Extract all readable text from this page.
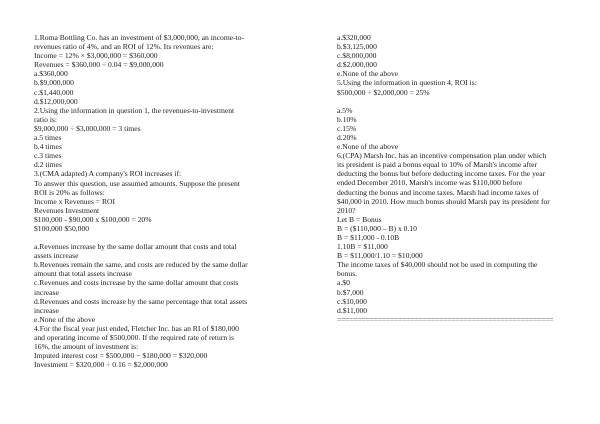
1.Roma Bottling Co. has an investment of $3,000,000, an income-to-
revenues ratio of 4%, and an ROI of 12%. Its revenues are:
Income = 12% × $3,000,000 = $360,000
Revenues = $360,000 ÷ 0.04 = $9,000,000
a.$360,000
b.$9,000,000
c.$1,440,000
d.$12,000,000
2.Using the information in question 1, the revenues-to-investment
ratio is:
$9,000,000 ÷ $3,000,000 = 3 times
a.5 times
b.4 times
c.3 times
d.2 times
3.(CMA adapted) A company's ROI increases if:
To answer this question, use assumed amounts. Suppose the present
ROI is 20% as follows:
Income x Revenues = ROI
Revenues Investment
$100,000 - $90,000 x $100,000 = 20%
$100,000 $50,000
a.Revenues increase by the same dollar amount that costs and total
assets increase
b.Revenues remain the same, and costs are reduced by the same dollar
amount that total assets increase
c.Revenues and costs increase by the same dollar amount that costs
increase
d.Revenues and costs increase by the same percentage that total assets
increase
e.None of the above
4.For the fiscal year just ended, Fletcher Inc. has an RI of $180,000
and operating income of $500,000. If the required rate of return is
16%, the amount of investment is:
Imputed interest cost = $500,000 − $180,000 = $320,000
Investment = $320,000 ÷ 0.16 = $2,000,000
a.$320,000
b.$3,125,000
c.$8,000,000
d.$2,000,000
e.None of the above
5.Using the information in question 4, ROI is:
$500,000 ÷ $2,000,000 = 25%
a.5%
b.10%
c.15%
d.20%
e.None of the above
6.(CPA) Marsh Inc. has an incentive compensation plan under which
its president is paid a bonus equal to 10% of Marsh's income after
deducting the bonus but before deducting income taxes. For the year
ended December 2010, Marsh's income was $110,000 before
deducting the bonus and income taxes. Marsh had income taxes of
$40,000 in 2010. How much bonus should Marsh pay its president for
2010?
Let B = Bonus
B = ($110,000 – B) x 0.10
B = $11,000 - 0.10B
1.10B = $11,000
B = $11,000/1.10 = $10,000
The income taxes of $40,000 should not be used in computing the
bonus.
a.$0
b.$7,000
c.$10,000
d.$11,000
=====================================================
